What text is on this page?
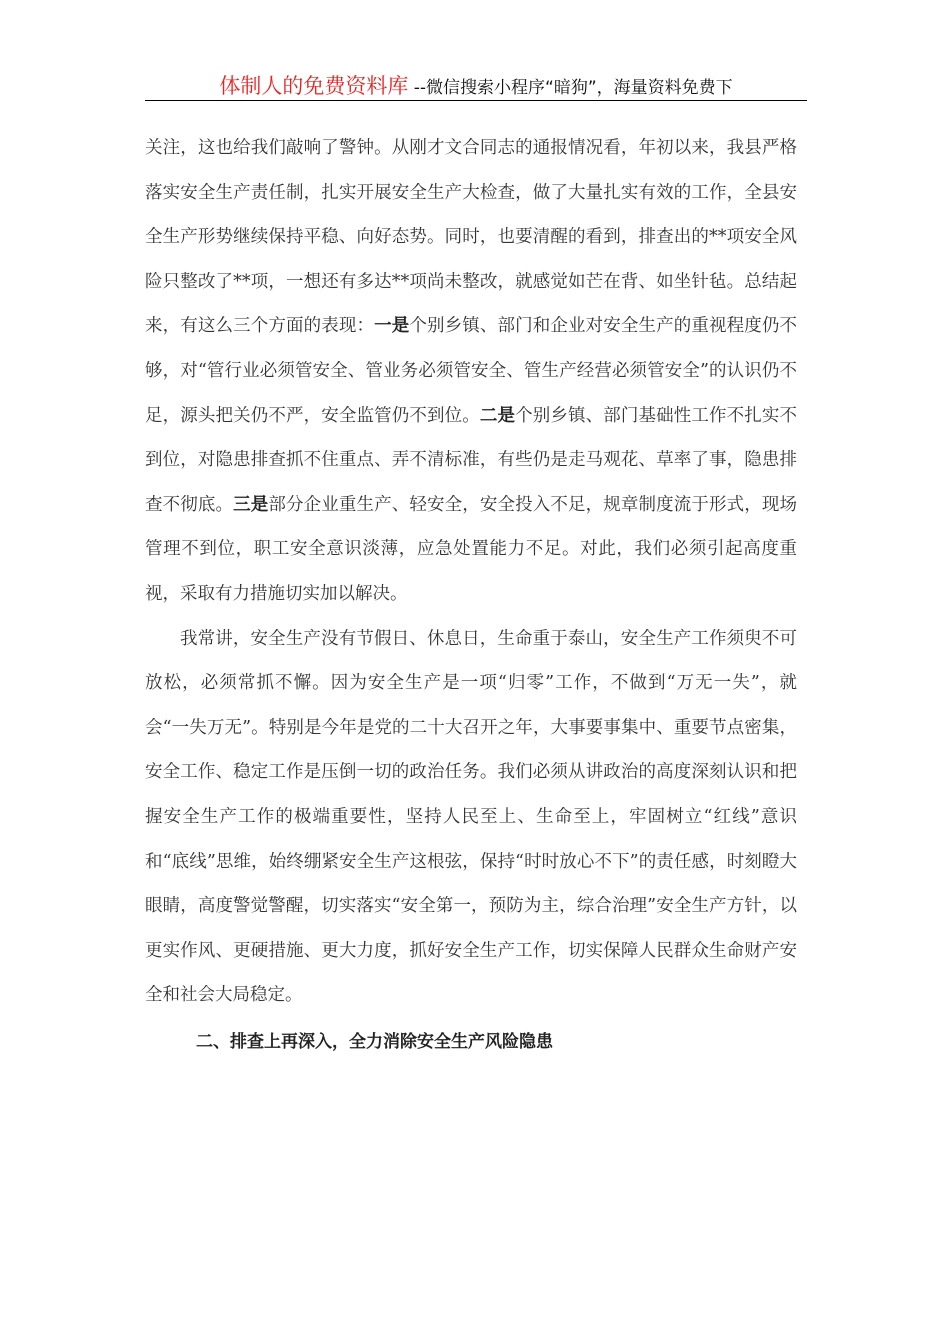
体制人的免费资料库 --微信搜索小程序“暗狗”，海量资料免费下

关注，这也给我们敲响了警钟。从刚才文合同志的通报情况看，年初以来，我县严格落实安全生产责任制，扎实开展安全生产大检查，做了大量扎实有效的工作，全县安全生产形势继续保持平稳、向好态势。同时，也要清醒的看到，排查出的**项安全风险只整改了**项，一想还有多达**项尚未整改，就感觉如芒在背、如坐针毡。总结起来，有这么三个方面的表现：一是个别乡镇、部门和企业对安全生产的重视程度仍不够，对“管行业必须管安全、管业务必须管安全、管生产经营必须管安全”的认识仍不足，源头把关仍不严，安全监管仍不到位。二是个别乡镇、部门基础性工作不扎实不到位，对隐患排查抓不住重点、弄不清标准，有些仍是走马观花、草率了事，隐患排查不彻底。三是部分企业重生产、轻安全，安全投入不足，规章制度流于形式，现场管理不到位，职工安全意识淡薄，应急处置能力不足。对此，我们必须引起高度重视，采取有力措施切实加以解决。

我常讲，安全生产没有节假日、休息日，生命重于泰山，安全生产工作须臾不可放松，必须常抓不懈。因为安全生产是一项“归零”工作，不做到“万无一失”，就会“一失万无”。特别是今年是党的二十大召开之年，大事要事集中、重要节点密集，安全工作、稳定工作是压倒一切的政治任务。我们必须从讲政治的高度深刻认识和把握安全生产工作的极端重要性，坚持人民至上、生命至上，牢固树立“红线”意识和“底线”思维，始终绷紧安全生产这根弦，保持“时时放心不下”的责任感，时刻瞪大眼睛，高度警觉警醒，切实落实“安全第一，预防为主，综合治理”安全生产方针，以更实作风、更硬措施、更大力度，抓好安全生产工作，切实保障人民群众生命财产安全和社会大局稳定。

二、排查上再深入，全力消除安全生产风险隐患
